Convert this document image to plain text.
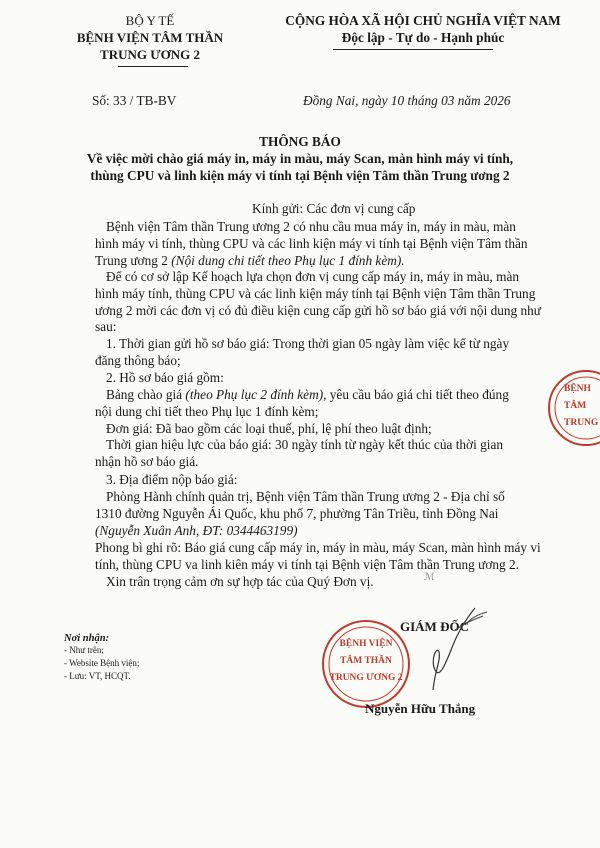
BỘ Y TẾ
BỆNH VIỆN TÂM THẦN
TRUNG ƯƠNG 2
CỘNG HÒA XÃ HỘI CHỦ NGHĨA VIỆT NAM
Độc lập - Tự do - Hạnh phúc
Số: 33 / TB-BV	Đồng Nai, ngày 10 tháng 03 năm 2026
THÔNG BÁO
Về việc mời chào giá máy in, máy in màu, máy Scan, màn hình máy vi tính,
thùng CPU và linh kiện máy vi tính tại Bệnh viện Tâm thần Trung ương 2
Kính gửi: Các đơn vị cung cấp
Bệnh viện Tâm thần Trung ương 2 có nhu cầu mua máy in, máy in màu, màn
hình máy vi tính, thùng CPU và các linh kiện máy vi tính tại Bệnh viện Tâm thần
Trung ương 2 (Nội dung chi tiết theo Phụ lục 1 đính kèm).
Để có cơ sở lập Kế hoạch lựa chọn đơn vị cung cấp máy in, máy in màu, màn
hình máy tính, thùng CPU và các linh kiện máy tính tại Bệnh viện Tâm thần Trung
ương 2 mời các đơn vị có đủ điều kiện cung cấp gửi hồ sơ báo giá với nội dung như
sau:
1. Thời gian gửi hồ sơ báo giá: Trong thời gian 05 ngày làm việc kể từ ngày
đăng thông báo;
2. Hồ sơ báo giá gồm:
Bảng chào giá (theo Phụ lục 2 đính kèm), yêu cầu báo giá chi tiết theo đúng
nội dung chi tiết theo Phụ lục 1 đính kèm;
Đơn giá: Đã bao gồm các loại thuế, phí, lệ phí theo luật định;
Thời gian hiệu lực của báo giá: 30 ngày tính từ ngày kết thúc của thời gian
nhận hồ sơ báo giá.
3. Địa điểm nộp báo giá:
Phòng Hành chính quản trị, Bệnh viện Tâm thần Trung ương 2 - Địa chỉ số
1310 đường Nguyễn Ái Quốc, khu phố 7, phường Tân Triều, tỉnh Đồng Nai
(Nguyễn Xuân Anh, ĐT: 0344463199)
Phong bì ghi rõ: Báo giá cung cấp máy in, máy in màu, máy Scan, màn hình máy vi
tính, thùng CPU va linh kiên máy vi tính tại Bệnh viện Tâm thần Trung ương 2.
Xin trân trọng cảm ơn sự hợp tác của Quý Đơn vị.	ℳ
Nơi nhận:
- Như trên;
- Website Bệnh viện;
- Lưu: VT, HCQT.
GIÁM ĐỐC
BỆNH VIỆN
TÂM THẦN
TRUNG ƯƠNG 2
Nguyễn Hữu Thắng
BỆNH
TÂM
TRUNG
